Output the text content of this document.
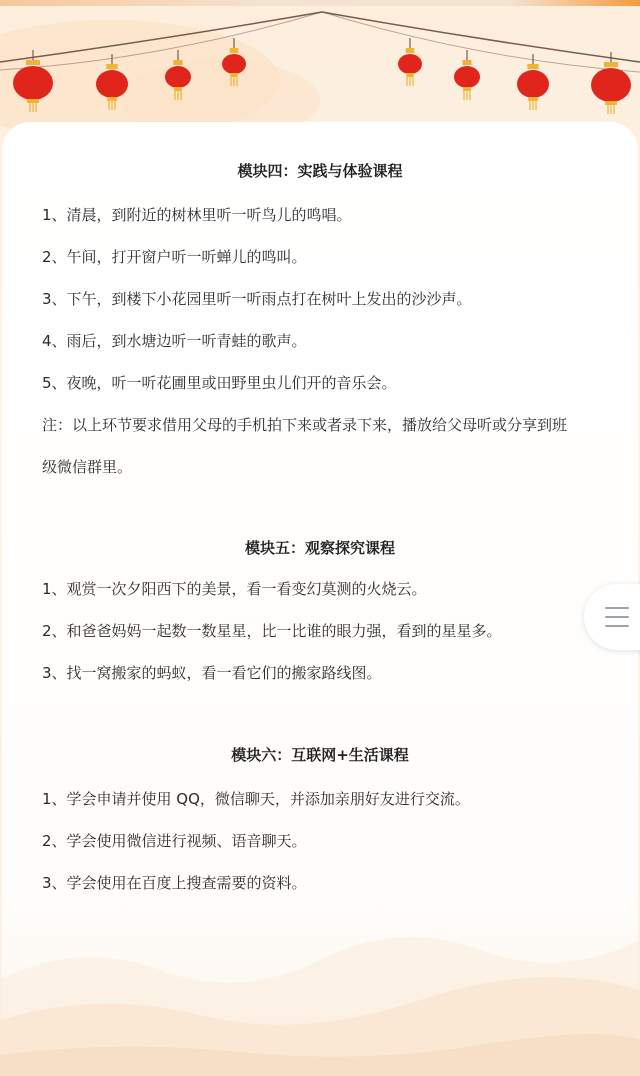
模块四：实践与体验课程
1、清晨，到附近的树林里听一听鸟儿的鸣唱。
2、午间，打开窗户听一听蝉儿的鸣叫。
3、下午，到楼下小花园里听一听雨点打在树叶上发出的沙沙声。
4、雨后，到水塘边听一听青蛙的歌声。
5、夜晚，听一听花圃里或田野里虫儿们开的音乐会。
注：以上环节要求借用父母的手机拍下来或者录下来，播放给父母听或分享到班
级微信群里。
模块五：观察探究课程
1、观赏一次夕阳西下的美景，看一看变幻莫测的火烧云。
2、和爸爸妈妈一起数一数星星，比一比谁的眼力强，看到的星星多。
3、找一窝搬家的蚂蚁，看一看它们的搬家路线图。
模块六：互联网+生活课程
1、学会申请并使用 QQ，微信聊天，并添加亲朋好友进行交流。
2、学会使用微信进行视频、语音聊天。
3、学会使用在百度上搜查需要的资料。
